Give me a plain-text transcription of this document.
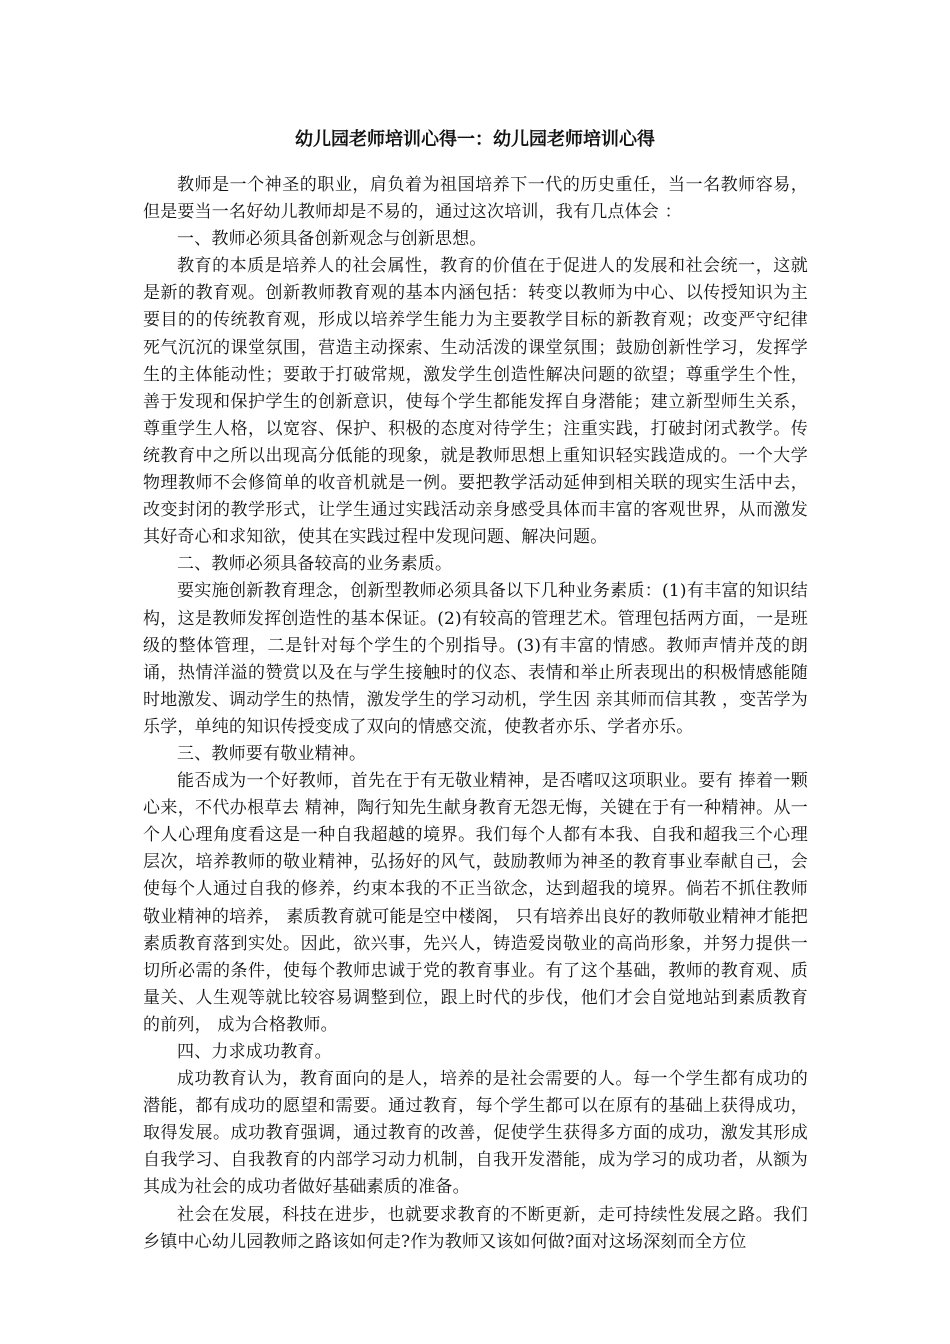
幼儿园老师培训心得一：幼儿园老师培训心得

教师是一个神圣的职业，肩负着为祖国培养下一代的历史重任，当一名教师容易，但是要当一名好幼儿教师却是不易的，通过这次培训，我有几点体会 ：

一、教师必须具备创新观念与创新思想。

教育的本质是培养人的社会属性，教育的价值在于促进人的发展和社会统一，这就是新的教育观。创新教师教育观的基本内涵包括：转变以教师为中心、以传授知识为主要目的的传统教育观，形成以培养学生能力为主要教学目标的新教育观；改变严守纪律死气沉沉的课堂氛围，营造主动探索、生动活泼的课堂氛围；鼓励创新性学习，发挥学生的主体能动性；要敢于打破常规，激发学生创造性解决问题的欲望；尊重学生个性，善于发现和保护学生的创新意识，使每个学生都能发挥自身潜能；建立新型师生关系，尊重学生人格，以宽容、保护、积极的态度对待学生；注重实践，打破封闭式教学。传统教育中之所以出现高分低能的现象，就是教师思想上重知识轻实践造成的。一个大学物理教师不会修简单的收音机就是一例。要把教学活动延伸到相关联的现实生活中去，改变封闭的教学形式，让学生通过实践活动亲身感受具体而丰富的客观世界，从而激发其好奇心和求知欲，使其在实践过程中发现问题、解决问题。

二、教师必须具备较高的业务素质。

要实施创新教育理念，创新型教师必须具备以下几种业务素质：(1)有丰富的知识结构，这是教师发挥创造性的基本保证。(2)有较高的管理艺术。管理包括两方面，一是班级的整体管理，二是针对每个学生的个别指导。(3)有丰富的情感。教师声情并茂的朗诵，热情洋溢的赞赏以及在与学生接触时的仪态、表情和举止所表现出的积极情感能随时地激发、调动学生的热情，激发学生的学习动机，学生因 亲其师而信其教 ，变苦学为乐学，单纯的知识传授变成了双向的情感交流，使教者亦乐、学者亦乐。

三、教师要有敬业精神。

能否成为一个好教师，首先在于有无敬业精神，是否嗜叹这项职业。要有 捧着一颗心来，不代办根草去 精神，陶行知先生献身教育无怨无悔，关键在于有一种精神。从一个人心理角度看这是一种自我超越的境界。我们每个人都有本我、自我和超我三个心理层次，培养教师的敬业精神，弘扬好的风气，鼓励教师为神圣的教育事业奉献自己，会使每个人通过自我的修养，约束本我的不正当欲念，达到超我的境界。倘若不抓住教师敬业精神的培养， 素质教育就可能是空中楼阁， 只有培养出良好的教师敬业精神才能把素质教育落到实处。因此，欲兴事，先兴人，铸造爱岗敬业的高尚形象，并努力提供一切所必需的条件，使每个教师忠诚于党的教育事业。有了这个基础，教师的教育观、质量关、人生观等就比较容易调整到位，跟上时代的步伐，他们才会自觉地站到素质教育的前列， 成为合格教师。

四、力求成功教育。

成功教育认为，教育面向的是人，培养的是社会需要的人。每一个学生都有成功的潜能，都有成功的愿望和需要。通过教育，每个学生都可以在原有的基础上获得成功，取得发展。成功教育强调，通过教育的改善，促使学生获得多方面的成功，激发其形成自我学习、自我教育的内部学习动力机制，自我开发潜能，成为学习的成功者，从额为其成为社会的成功者做好基础素质的准备。

社会在发展，科技在进步，也就要求教育的不断更新，走可持续性发展之路。我们乡镇中心幼儿园教师之路该如何走?作为教师又该如何做?面对这场深刻而全方位
